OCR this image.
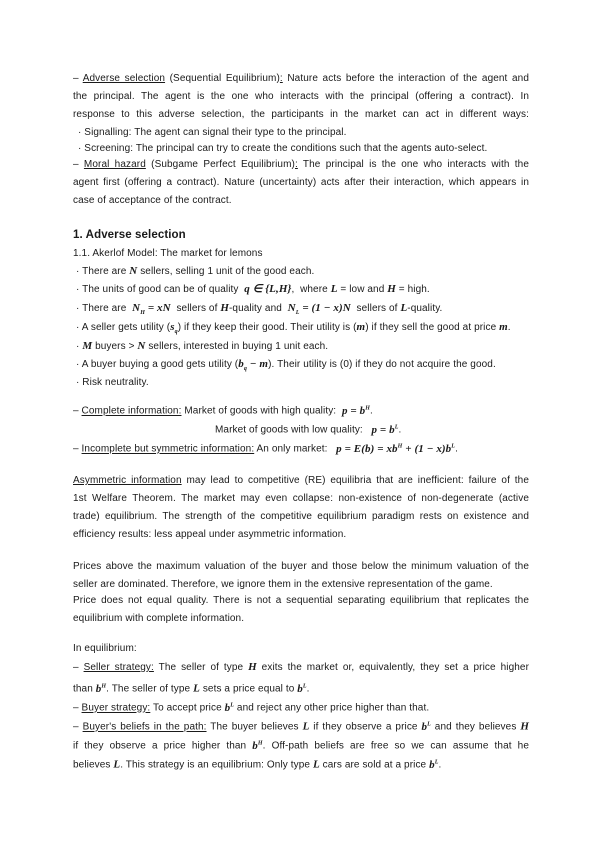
– Adverse selection (Sequential Equilibrium): Nature acts before the interaction of the agent and
the principal. The agent is the one who interacts with the principal (offering a contract). In
response to this adverse selection, the participants in the market can act in different ways:
· Signalling: The agent can signal their type to the principal.
· Screening: The principal can try to create the conditions such that the agents auto-select.
– Moral hazard (Subgame Perfect Equilibrium): The principal is the one who interacts with the
agent first (offering a contract). Nature (uncertainty) acts after their interaction, which appears in
case of acceptance of the contract.
1. Adverse selection
1.1. Akerlof Model: The market for lemons
· There are N sellers, selling 1 unit of the good each.
· The units of good can be of quality  q ∈ {L,H},  where L = low and H = high.
· There are  $N_H$ = xN  sellers of H-quality and  $N_L = (1 - x)N$  sellers of L-quality.
· A seller gets utility $(s_q)$ if they keep their good. Their utility is (m) if they sell the good at price m.
· M buyers > N sellers, interested in buying 1 unit each.
· A buyer buying a good gets utility $(b_q - m)$. Their utility is (0) if they do not acquire the good.
· Risk neutrality.
– Complete information: Market of goods with high quality:  $p = b^H$.
Market of goods with low quality:   $p = b^L$.
– Incomplete but symmetric information: An only market:   $p = E(b) = xb^H + (1 - x)b^L$.
Asymmetric information may lead to competitive (RE) equilibria that are inefficient: failure of the
1st Welfare Theorem. The market may even collapse: non-existence of non-degenerate (active
trade) equilibrium. The strength of the competitive equilibrium paradigm rests on existence and
efficiency results: less appeal under asymmetric information.
Prices above the maximum valuation of the buyer and those below the minimum valuation of the
seller are dominated. Therefore, we ignore them in the extensive representation of the game.
Price does not equal quality. There is not a sequential separating equilibrium that replicates the
equilibrium with complete information.
In equilibrium:
– Seller strategy: The seller of type H exits the market or, equivalently, they set a price higher
than $b^H$. The seller of type L sets a price equal to $b^L$.
– Buyer strategy: To accept price $b^L$ and reject any other price higher than that.
– Buyer's beliefs in the path: The buyer believes L if they observe a price $b^L$ and they believes H
if they observe a price higher than $b^H$. Off-path beliefs are free so we can assume that he
believes L. This strategy is an equilibrium: Only type L cars are sold at a price $b^L$.
